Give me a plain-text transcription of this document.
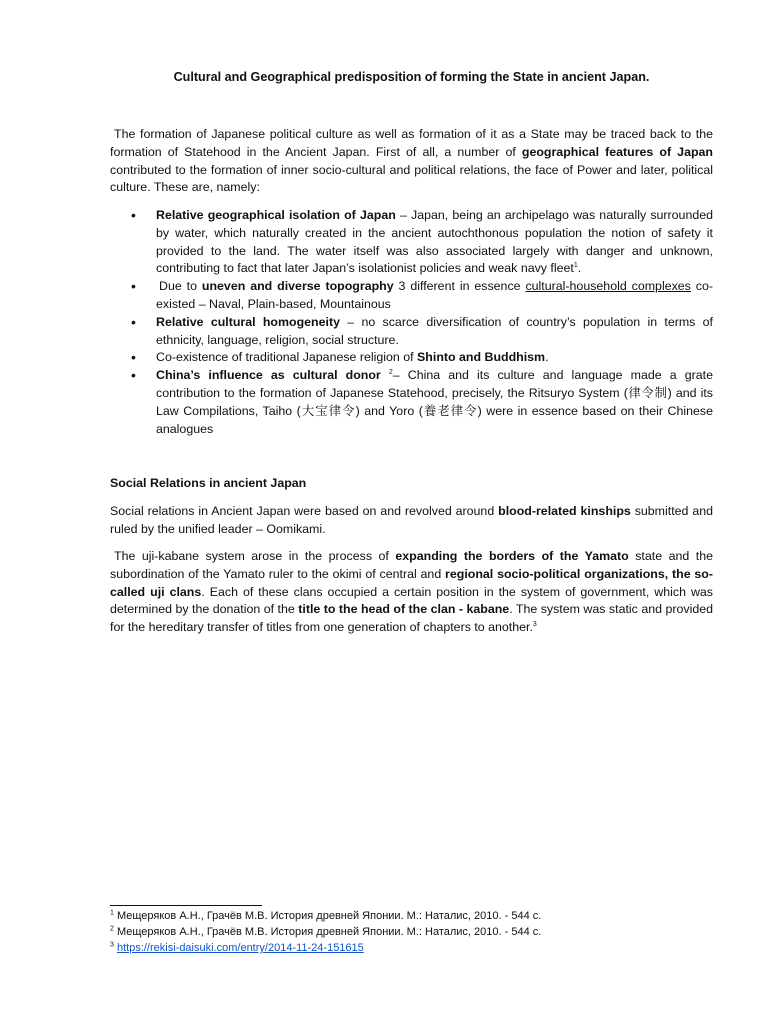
Cultural and Geographical predisposition of forming the State in ancient Japan.
The formation of Japanese political culture as well as formation of it as a State may be traced back to the formation of Statehood in the Ancient Japan. First of all, a number of geographical features of Japan contributed to the formation of inner socio-cultural and political relations, the face of Power and later, political culture. These are, namely:
• Relative geographical isolation of Japan – Japan, being an archipelago was naturally surrounded by water, which naturally created in the ancient autochthonous population the notion of safety it provided to the land. The water itself was also associated largely with danger and unknown, contributing to fact that later Japan’s isolationist policies and weak navy fleet$^1$.
• Due to uneven and diverse topography 3 different in essence cultural-household complexes co-existed – Naval, Plain-based, Mountainous
• Relative cultural homogeneity – no scarce diversification of country’s population in terms of ethnicity, language, religion, social structure.
• Co-existence of traditional Japanese religion of Shinto and Buddhism.
• China’s influence as cultural donor $^2$– China and its culture and language made a grate contribution to the formation of Japanese Statehood, precisely, the Ritsuryo System (律令制) and its Law Compilations, Taiho (大宝律令) and Yoro (養老律令) were in essence based on their Chinese analogues
Social Relations in ancient Japan
Social relations in Ancient Japan were based on and revolved around blood-related kinships submitted and ruled by the unified leader – Oomikami.
The uji-kabane system arose in the process of expanding the borders of the Yamato state and the subordination of the Yamato ruler to the okimi of central and regional socio-political organizations, the so-called uji clans. Each of these clans occupied a certain position in the system of government, which was determined by the donation of the title to the head of the clan - kabane. The system was static and provided for the hereditary transfer of titles from one generation of chapters to another.$^3$
$^1$ Мещеряков А.Н., Грачёв М.В. История древней Японии. М.: Наталис, 2010. - 544 с.
$^2$ Мещеряков А.Н., Грачёв М.В. История древней Японии. М.: Наталис, 2010. - 544 с.
$^3$ https://rekisi-daisuki.com/entry/2014-11-24-151615
